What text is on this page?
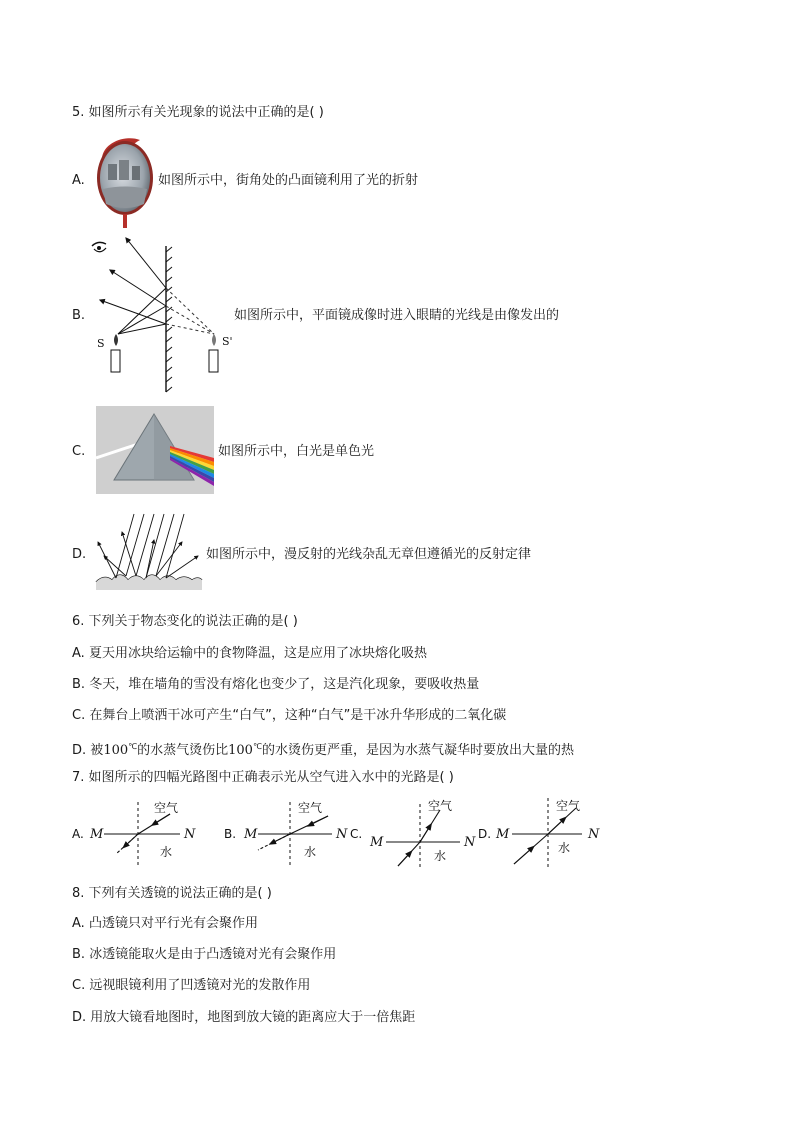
5. 如图所示有关光现象的说法中正确的是( )
A.	如图所示中，街角处的凸面镜利用了光的折射
B.
S	S'
如图所示中，平面镜成像时进入眼睛的光线是由像发出的
C.	如图所示中，白光是单色光
D.	如图所示中，漫反射的光线杂乱无章但遵循光的反射定律
6. 下列关于物态变化的说法正确的是( )
A. 夏天用冰块给运输中的食物降温，这是应用了冰块熔化吸热
B. 冬天，堆在墙角的雪没有熔化也变少了，这是汽化现象，要吸收热量
C. 在舞台上喷洒干冰可产生“白气”，这种“白气”是干冰升华形成的二氧化碳
D. 被100℃的水蒸气烫伤比100℃的水烫伤更严重，是因为水蒸气凝华时要放出大量的热
7. 如图所示的四幅光路图中正确表示光从空气进入水中的光路是( )
A. M	N
空气
水
B. M	N
空气
水
C.
M	N
空气
水
D. M	N
空气
水
8. 下列有关透镜的说法正确的是( )
A. 凸透镜只对平行光有会聚作用
B. 冰透镜能取火是由于凸透镜对光有会聚作用
C. 远视眼镜利用了凹透镜对光的发散作用
D. 用放大镜看地图时，地图到放大镜的距离应大于一倍焦距
